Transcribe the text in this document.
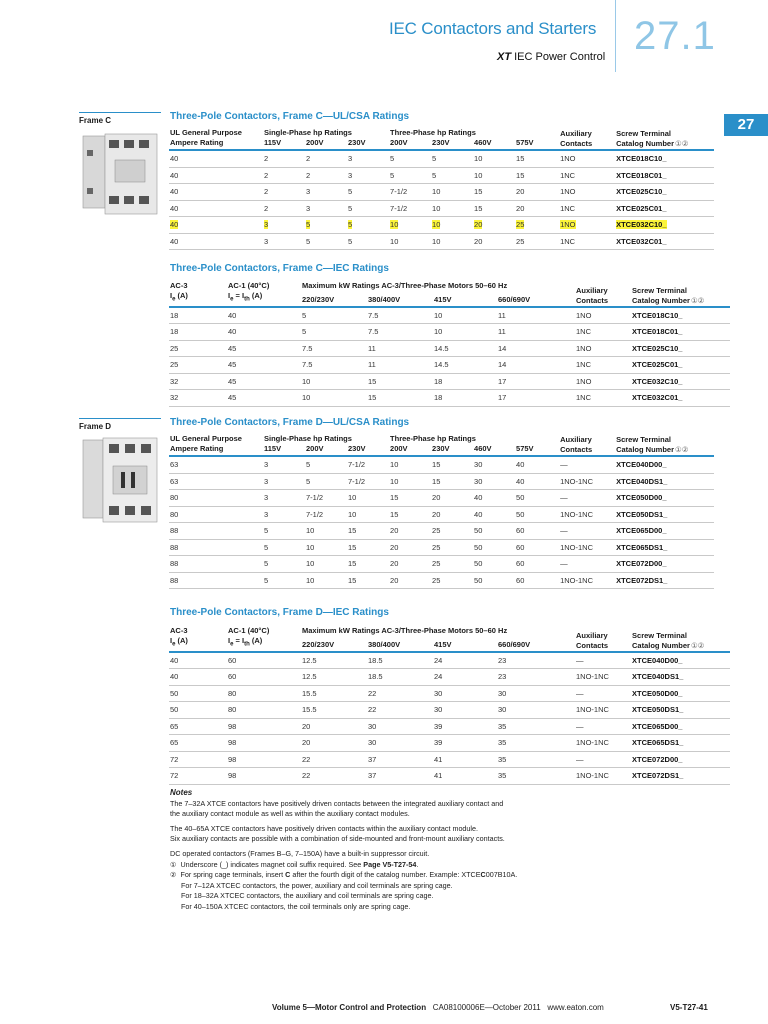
IEC Contactors and Starters
XT IEC Power Control 27.1
27
Frame C	Three-Pole Contactors, Frame C—UL/CSA Ratings
UL General Purpose	Single-Phase hp Ratings			Three-Phase hp Ratings				Auxiliary
Contacts	Screw Terminal
Catalog Number①②
Ampere Rating	115V	200V	230V	200V	230V	460V	575V		
40	2	2	3	5	5	10	15	1NO	XTCE018C10_
40	2	2	3	5	5	10	15	1NC	XTCE018C01_
40	2	3	5	7-1/2	10	15	20	1NO	XTCE025C10_
40	2	3	5	7-1/2	10	15	20	1NC	XTCE025C01_
40	3	5	5	10	10	20	25	1NO	XTCE032C10_
40	3	5	5	10	10	20	25	1NC	XTCE032C01_
Three-Pole Contactors, Frame C—IEC Ratings
AC-3	AC-1 (40°C)	Maximum kW Ratings AC-3/Three-Phase Motors 50–60 Hz				Auxiliary
Contacts	Screw Terminal
Catalog Number①②
$I_e$ (A)	$I_e = I_{th}$ (A)	220/230V	380/400V	415V	660/690V		
18	40	5	7.5	10	11	1NO	XTCE018C10_
18	40	5	7.5	10	11	1NC	XTCE018C01_
25	45	7.5	11	14.5	14	1NO	XTCE025C10_
25	45	7.5	11	14.5	14	1NC	XTCE025C01_
32	45	10	15	18	17	1NO	XTCE032C10_
32	45	10	15	18	17	1NC	XTCE032C01_
Frame D	Three-Pole Contactors, Frame D—UL/CSA Ratings
UL General Purpose	Single-Phase hp Ratings			Three-Phase hp Ratings				Auxiliary
Contacts	Screw Terminal
Catalog Number①②
Ampere Rating	115V	200V	230V	200V	230V	460V	575V		
63	3	5	7-1/2	10	15	30	40	—	XTCE040D00_
63	3	5	7-1/2	10	15	30	40	1NO-1NC	XTCE040DS1_
80	3	7-1/2	10	15	20	40	50	—	XTCE050D00_
80	3	7-1/2	10	15	20	40	50	1NO-1NC	XTCE050DS1_
88	5	10	15	20	25	50	60	—	XTCE065D00_
88	5	10	15	20	25	50	60	1NO-1NC	XTCE065DS1_
88	5	10	15	20	25	50	60	—	XTCE072D00_
88	5	10	15	20	25	50	60	1NO-1NC	XTCE072DS1_
Three-Pole Contactors, Frame D—IEC Ratings
AC-3	AC-1 (40°C)	Maximum kW Ratings AC-3/Three-Phase Motors 50–60 Hz				Auxiliary
Contacts	Screw Terminal
Catalog Number①②
$I_e$ (A)	$I_e = I_{th}$ (A)	220/230V	380/400V	415V	660/690V		
40	60	12.5	18.5	24	23	—	XTCE040D00_
40	60	12.5	18.5	24	23	1NO-1NC	XTCE040DS1_
50	80	15.5	22	30	30	—	XTCE050D00_
50	80	15.5	22	30	30	1NO-1NC	XTCE050DS1_
65	98	20	30	39	35	—	XTCE065D00_
65	98	20	30	39	35	1NO-1NC	XTCE065DS1_
72	98	22	37	41	35	—	XTCE072D00_
72	98	22	37	41	35	1NO-1NC	XTCE072DS1_

Notes

The 7–32A XTCE contactors have positively driven contacts between the integrated auxiliary contact and

the auxiliary contact module as well as within the auxiliary contact modules.

The 40–65A XTCE contactors have positively driven contacts within the auxiliary contact module.

Six auxiliary contacts are possible with a combination of side-mounted and front-mount auxiliary contacts.

DC operated contactors (Frames B–G, 7–150A) have a built-in suppressor circuit.

① Underscore (_) indicates magnet coil suffix required. See Page V5-T27-54.

② For spring cage terminals, insert C after the fourth digit of the catalog number. Example: XTCEC007B10A.

For 7–12A XTCEC contactors, the power, auxiliary and coil terminals are spring cage.

For 18–32A XTCEC contactors, the auxiliary and coil terminals are spring cage.

For 40–150A XTCEC contactors, the coil terminals only are spring cage.

Volume 5—Motor Control and Protection CA08100006E—October 2011 www.eaton.com	V5-T27-41
